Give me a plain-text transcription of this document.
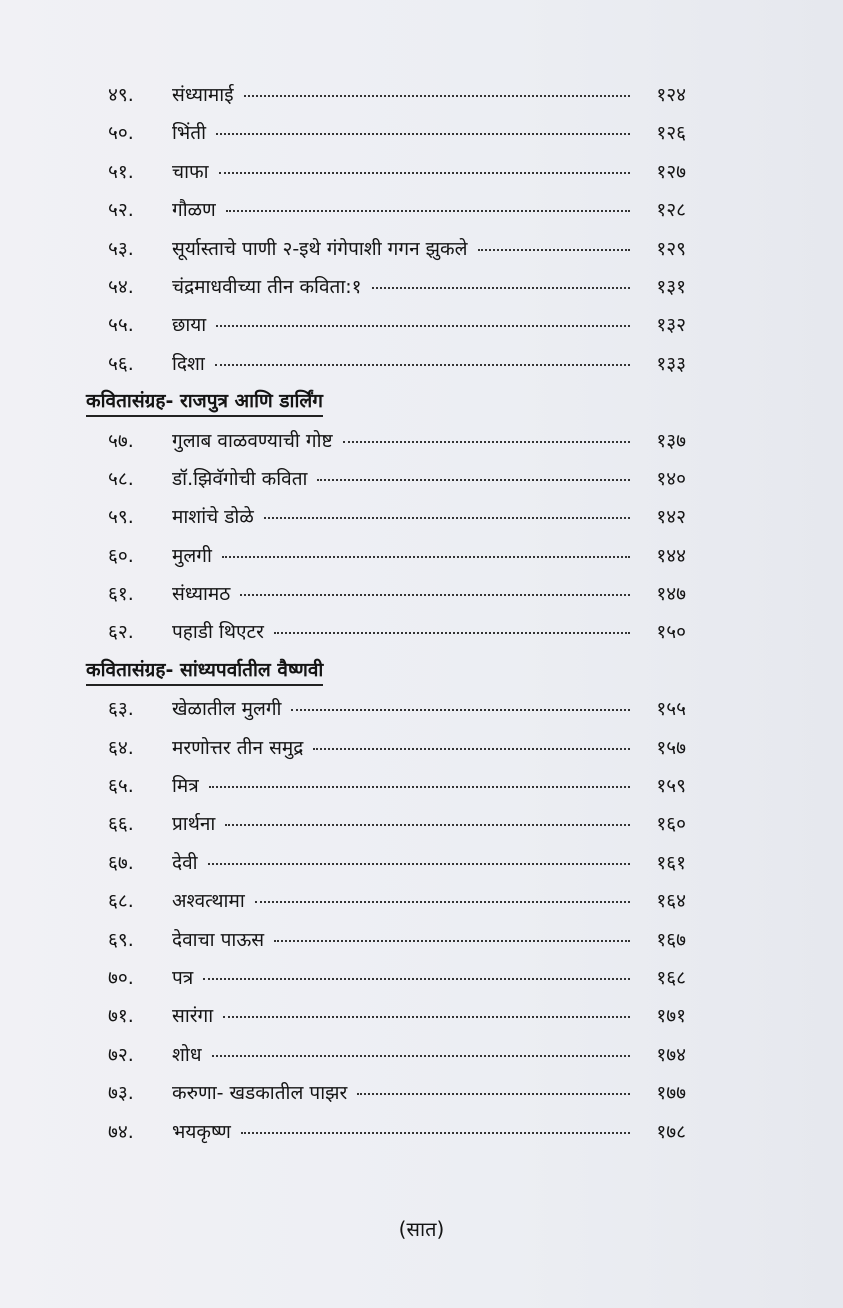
४९.	संध्यामाई	१२४
५०.	भिंती	१२६
५१.	चाफा	१२७
५२.	गौळण	१२८
५३.	सूर्यास्ताचे पाणी २-इथे गंगेपाशी गगन झुकले	१२९
५४.	चंद्रमाधवीच्या तीन कविता:१	१३१
५५.	छाया	१३२
५६.	दिशा	१३३
कवितासंग्रह- राजपुत्र आणि डार्लिंग
५७.	गुलाब वाळवण्याची गोष्ट	१३७
५८.	डॉ.झिवॅगोची कविता	१४०
५९.	माशांचे डोळे	१४२
६०.	मुलगी	१४४
६१.	संध्यामठ	१४७
६२.	पहाडी थिएटर	१५०
कवितासंग्रह- सांध्यपर्वातील वैष्णवी
६३.	खेळातील मुलगी	१५५
६४.	मरणोत्तर तीन समुद्र	१५७
६५.	मित्र	१५९
६६.	प्रार्थना	१६०
६७.	देवी	१६१
६८.	अश्वत्थामा	१६४
६९.	देवाचा पाऊस	१६७
७०.	पत्र	१६८
७१.	सारंगा	१७१
७२.	शोध	१७४
७३.	करुणा- खडकातील पाझर	१७७
७४.	भयकृष्ण	१७८
(सात)
